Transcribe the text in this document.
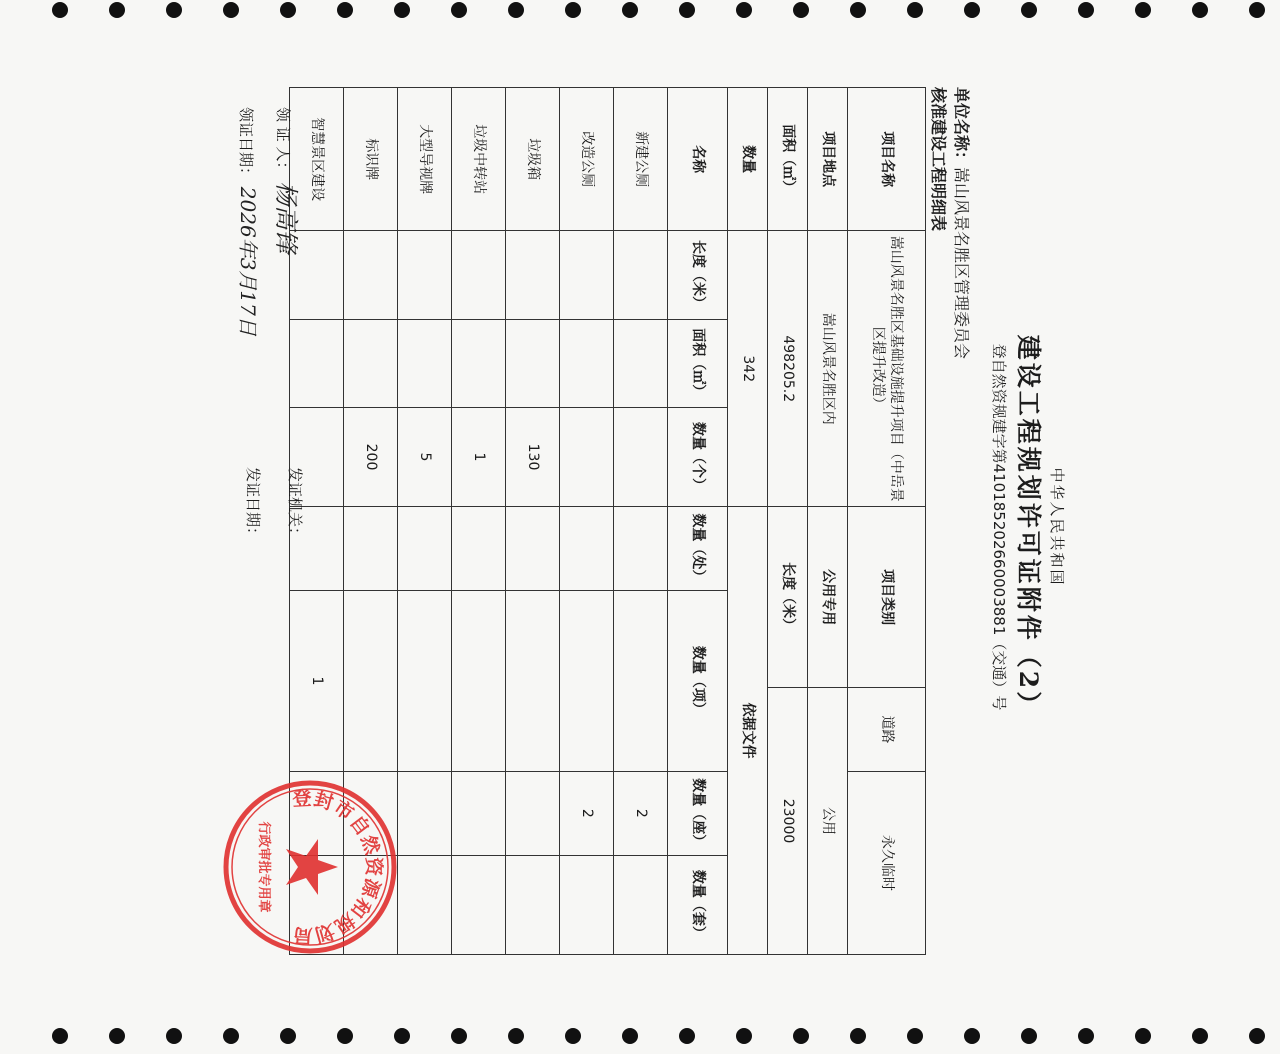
中华人民共和国
建设工程规划许可证附件（2）
登自然资规建字第410185202660003881（交通）号
单位名称：嵩山风景名胜区管理委员会
核准建设工程明细表
项目名称	嵩山风景名胜区基础设施提升项目（中岳景区提升改造）			项目类别		道路	永久临时	
项目地点	嵩山风景名胜区内			公用专用		公用		
面积（㎡）	498205.2			长度（米）		23000		
数量	342			依据文件				
名称	长度（米）	面积（㎡）	数量（个）	数量（处）	数量（项）		数量（座）	数量（套）
新建公厕							2	
改造公厕							2	
垃圾箱			130					
垃圾中转站			1					
大型导视牌			5					
标识牌			200					
智慧景区建设					1			
领 证 人： 杨高锋
领证日期： 2026年3月17日
发证机关：
发证日期：
登封市自然资源和规划局
行政审批专用章
